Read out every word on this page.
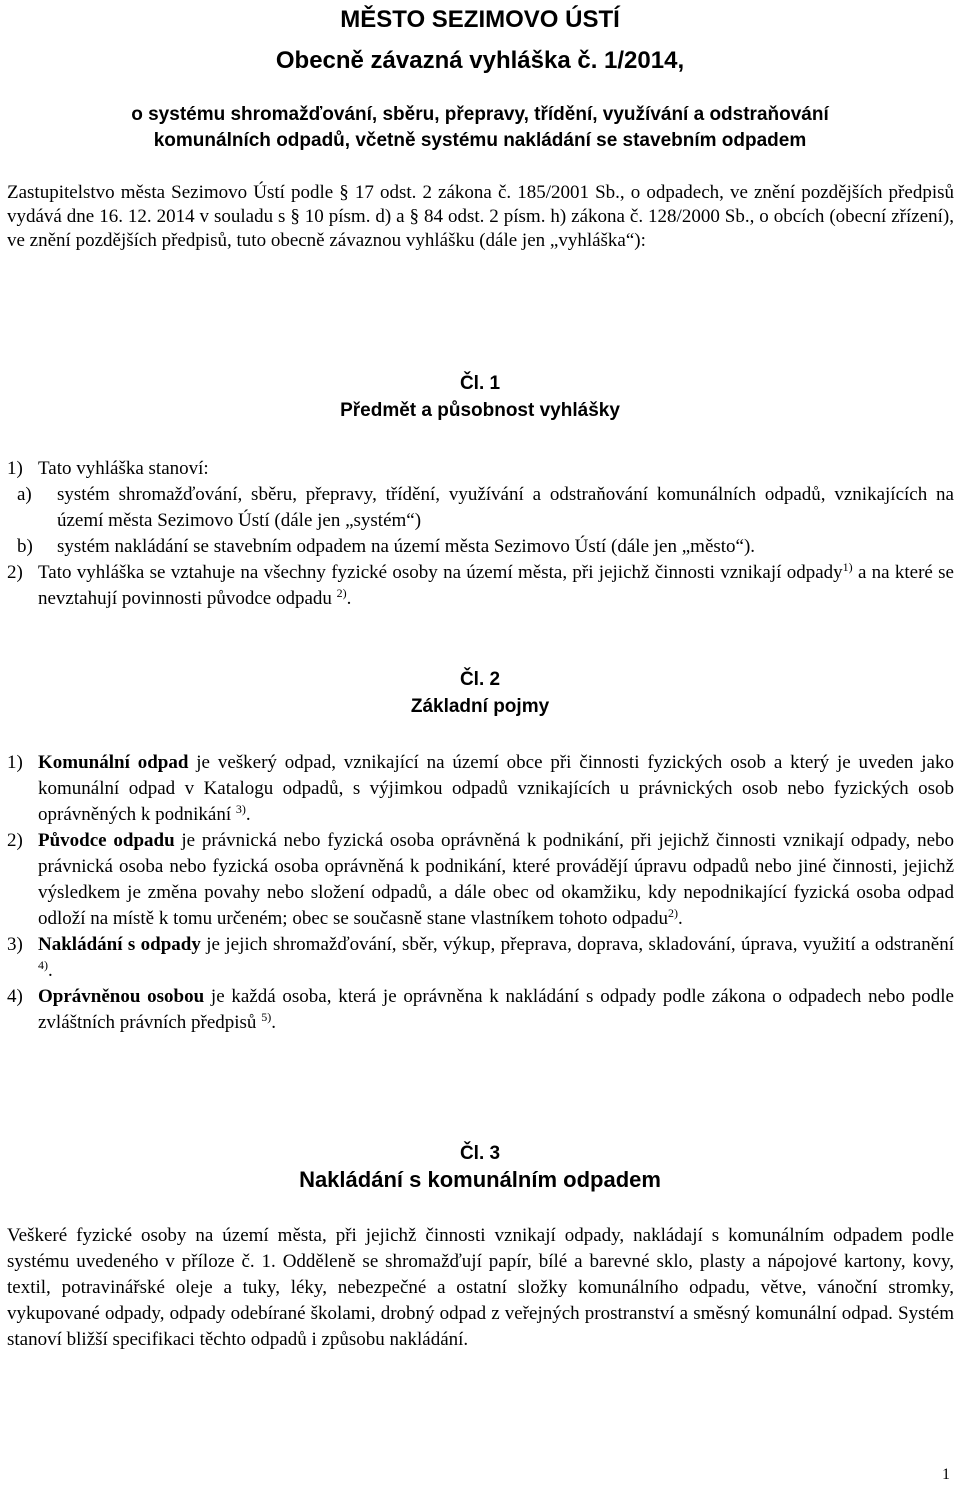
MĚSTO SEZIMOVO ÚSTÍ
Obecně závazná vyhláška č. 1/2014,
o systému shromažďování, sběru, přepravy, třídění, využívání a odstraňování
komunálních odpadů, včetně systému nakládání se stavebním odpadem
Zastupitelstvo města Sezimovo Ústí podle § 17 odst. 2 zákona č. 185/2001 Sb., o odpadech, ve znění pozdějších předpisů vydává dne 16. 12. 2014 v souladu s § 10 písm. d) a § 84 odst. 2 písm. h) zákona č. 128/2000 Sb., o obcích (obecní zřízení), ve znění pozdějších předpisů, tuto obecně závaznou vyhlášku (dále jen „vyhláška“):
Čl. 1
Předmět a působnost vyhlášky
1) Tato vyhláška stanoví:
a) systém shromažďování, sběru, přepravy, třídění, využívání a odstraňování komunálních odpadů, vznikajících na území města Sezimovo Ústí (dále jen „systém“)
b) systém nakládání se stavebním odpadem na území města Sezimovo Ústí (dále jen „město“).
2) Tato vyhláška se vztahuje na všechny fyzické osoby na území města, při jejichž činnosti vznikají odpady$^{1)}$ a na které se nevztahují povinnosti původce odpadu $^{2)}$.
Čl. 2
Základní pojmy
1) Komunální odpad je veškerý odpad, vznikající na území obce při činnosti fyzických osob a který je uveden jako komunální odpad v Katalogu odpadů, s výjimkou odpadů vznikajících u právnických osob nebo fyzických osob oprávněných k podnikání $^{3)}$.
2) Původce odpadu je právnická nebo fyzická osoba oprávněná k podnikání, při jejichž činnosti vznikají odpady, nebo právnická osoba nebo fyzická osoba oprávněná k podnikání, které provádějí úpravu odpadů nebo jiné činnosti, jejichž výsledkem je změna povahy nebo složení odpadů, a dále obec od okamžiku, kdy nepodnikající fyzická osoba odpad odloží na místě k tomu určeném; obec se současně stane vlastníkem tohoto odpadu$^{2)}$.
3) Nakládání s odpady je jejich shromažďování, sběr, výkup, přeprava, doprava, skladování, úprava, využití a odstranění $^{4)}$.
4) Oprávněnou osobou je každá osoba, která je oprávněna k nakládání s odpady podle zákona o odpadech nebo podle zvláštních právních předpisů $^{5)}$.
Čl. 3
Nakládání s komunálním odpadem
Veškeré fyzické osoby na území města, při jejichž činnosti vznikají odpady, nakládají s komunálním odpadem podle systému uvedeného v příloze č. 1. Odděleně se shromažďují papír, bílé a barevné sklo, plasty a nápojové kartony, kovy, textil, potravinářské oleje a tuky, léky, nebezpečné a ostatní složky komunálního odpadu, větve, vánoční stromky, vykupované odpady, odpady odebírané školami, drobný odpad z veřejných prostranství a směsný komunální odpad. Systém stanoví bližší specifikaci těchto odpadů i způsobu nakládání.
1
